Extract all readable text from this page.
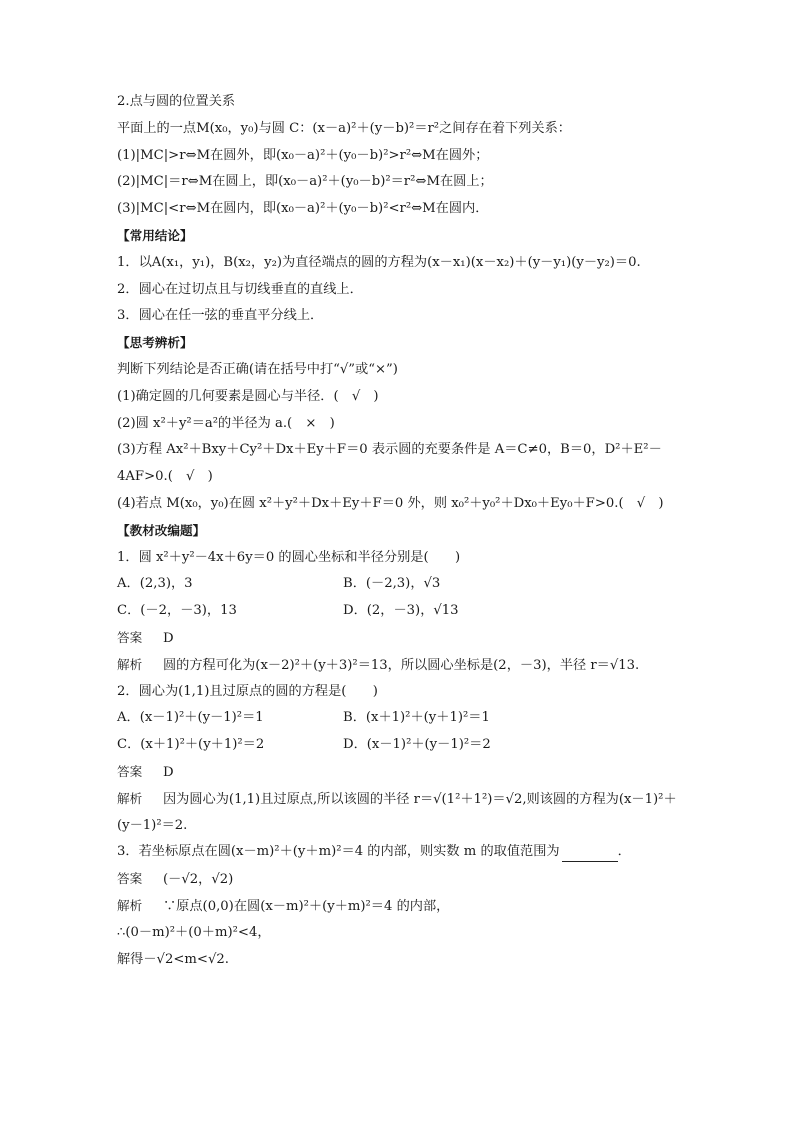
2.点与圆的位置关系
平面上的一点M(x₀，y₀)与圆 C：(x－a)²＋(y－b)²＝r²之间存在着下列关系：
(1)|MC|>r⇔M在圆外，即(x₀－a)²＋(y₀－b)²>r²⇔M在圆外；
(2)|MC|＝r⇔M在圆上，即(x₀－a)²＋(y₀－b)²＝r²⇔M在圆上；
(3)|MC|<r⇔M在圆内，即(x₀－a)²＋(y₀－b)²<r²⇔M在圆内．
【常用结论】
1．以A(x₁，y₁)，B(x₂，y₂)为直径端点的圆的方程为(x－x₁)(x－x₂)＋(y－y₁)(y－y₂)＝0.
2．圆心在过切点且与切线垂直的直线上．
3．圆心在任一弦的垂直平分线上．
【思考辨析】
判断下列结论是否正确(请在括号中打“√”或“×”)
(1)确定圆的几何要素是圆心与半径．(　√　)
(2)圆 x²＋y²＝a²的半径为 a.(　×　)
(3)方程 Ax²＋Bxy＋Cy²＋Dx＋Ey＋F＝0 表示圆的充要条件是 A＝C≠0，B＝0，D²＋E²－
4AF>0.(　√　)
(4)若点 M(x₀，y₀)在圆 x²＋y²＋Dx＋Ey＋F＝0 外，则 x₀²＋y₀²＋Dx₀＋Ey₀＋F>0.(　√　)
【教材改编题】
1．圆 x²＋y²－4x＋6y＝0 的圆心坐标和半径分别是(　　)
A．(2,3)，3	B．(－2,3)，√3
C．(－2，－3)，13	D．(2，－3)，√13
答案 D
解析 圆的方程可化为(x－2)²＋(y＋3)²＝13，所以圆心坐标是(2，－3)，半径 r＝√13.
2．圆心为(1,1)且过原点的圆的方程是(　　)
A．(x－1)²＋(y－1)²＝1	B．(x＋1)²＋(y＋1)²＝1
C．(x＋1)²＋(y＋1)²＝2	D．(x－1)²＋(y－1)²＝2
答案 D
解析 因为圆心为(1,1)且过原点,所以该圆的半径 r＝√(1²＋1²)＝√2,则该圆的方程为(x－1)²＋
(y－1)²＝2.
3．若坐标原点在圆(x－m)²＋(y＋m)²＝4 的内部，则实数 m 的取值范围为	．
答案 (－√2，√2)
解析 ∵原点(0,0)在圆(x－m)²＋(y＋m)²＝4 的内部，
∴(0－m)²＋(0＋m)²<4，
解得－√2<m<√2.
